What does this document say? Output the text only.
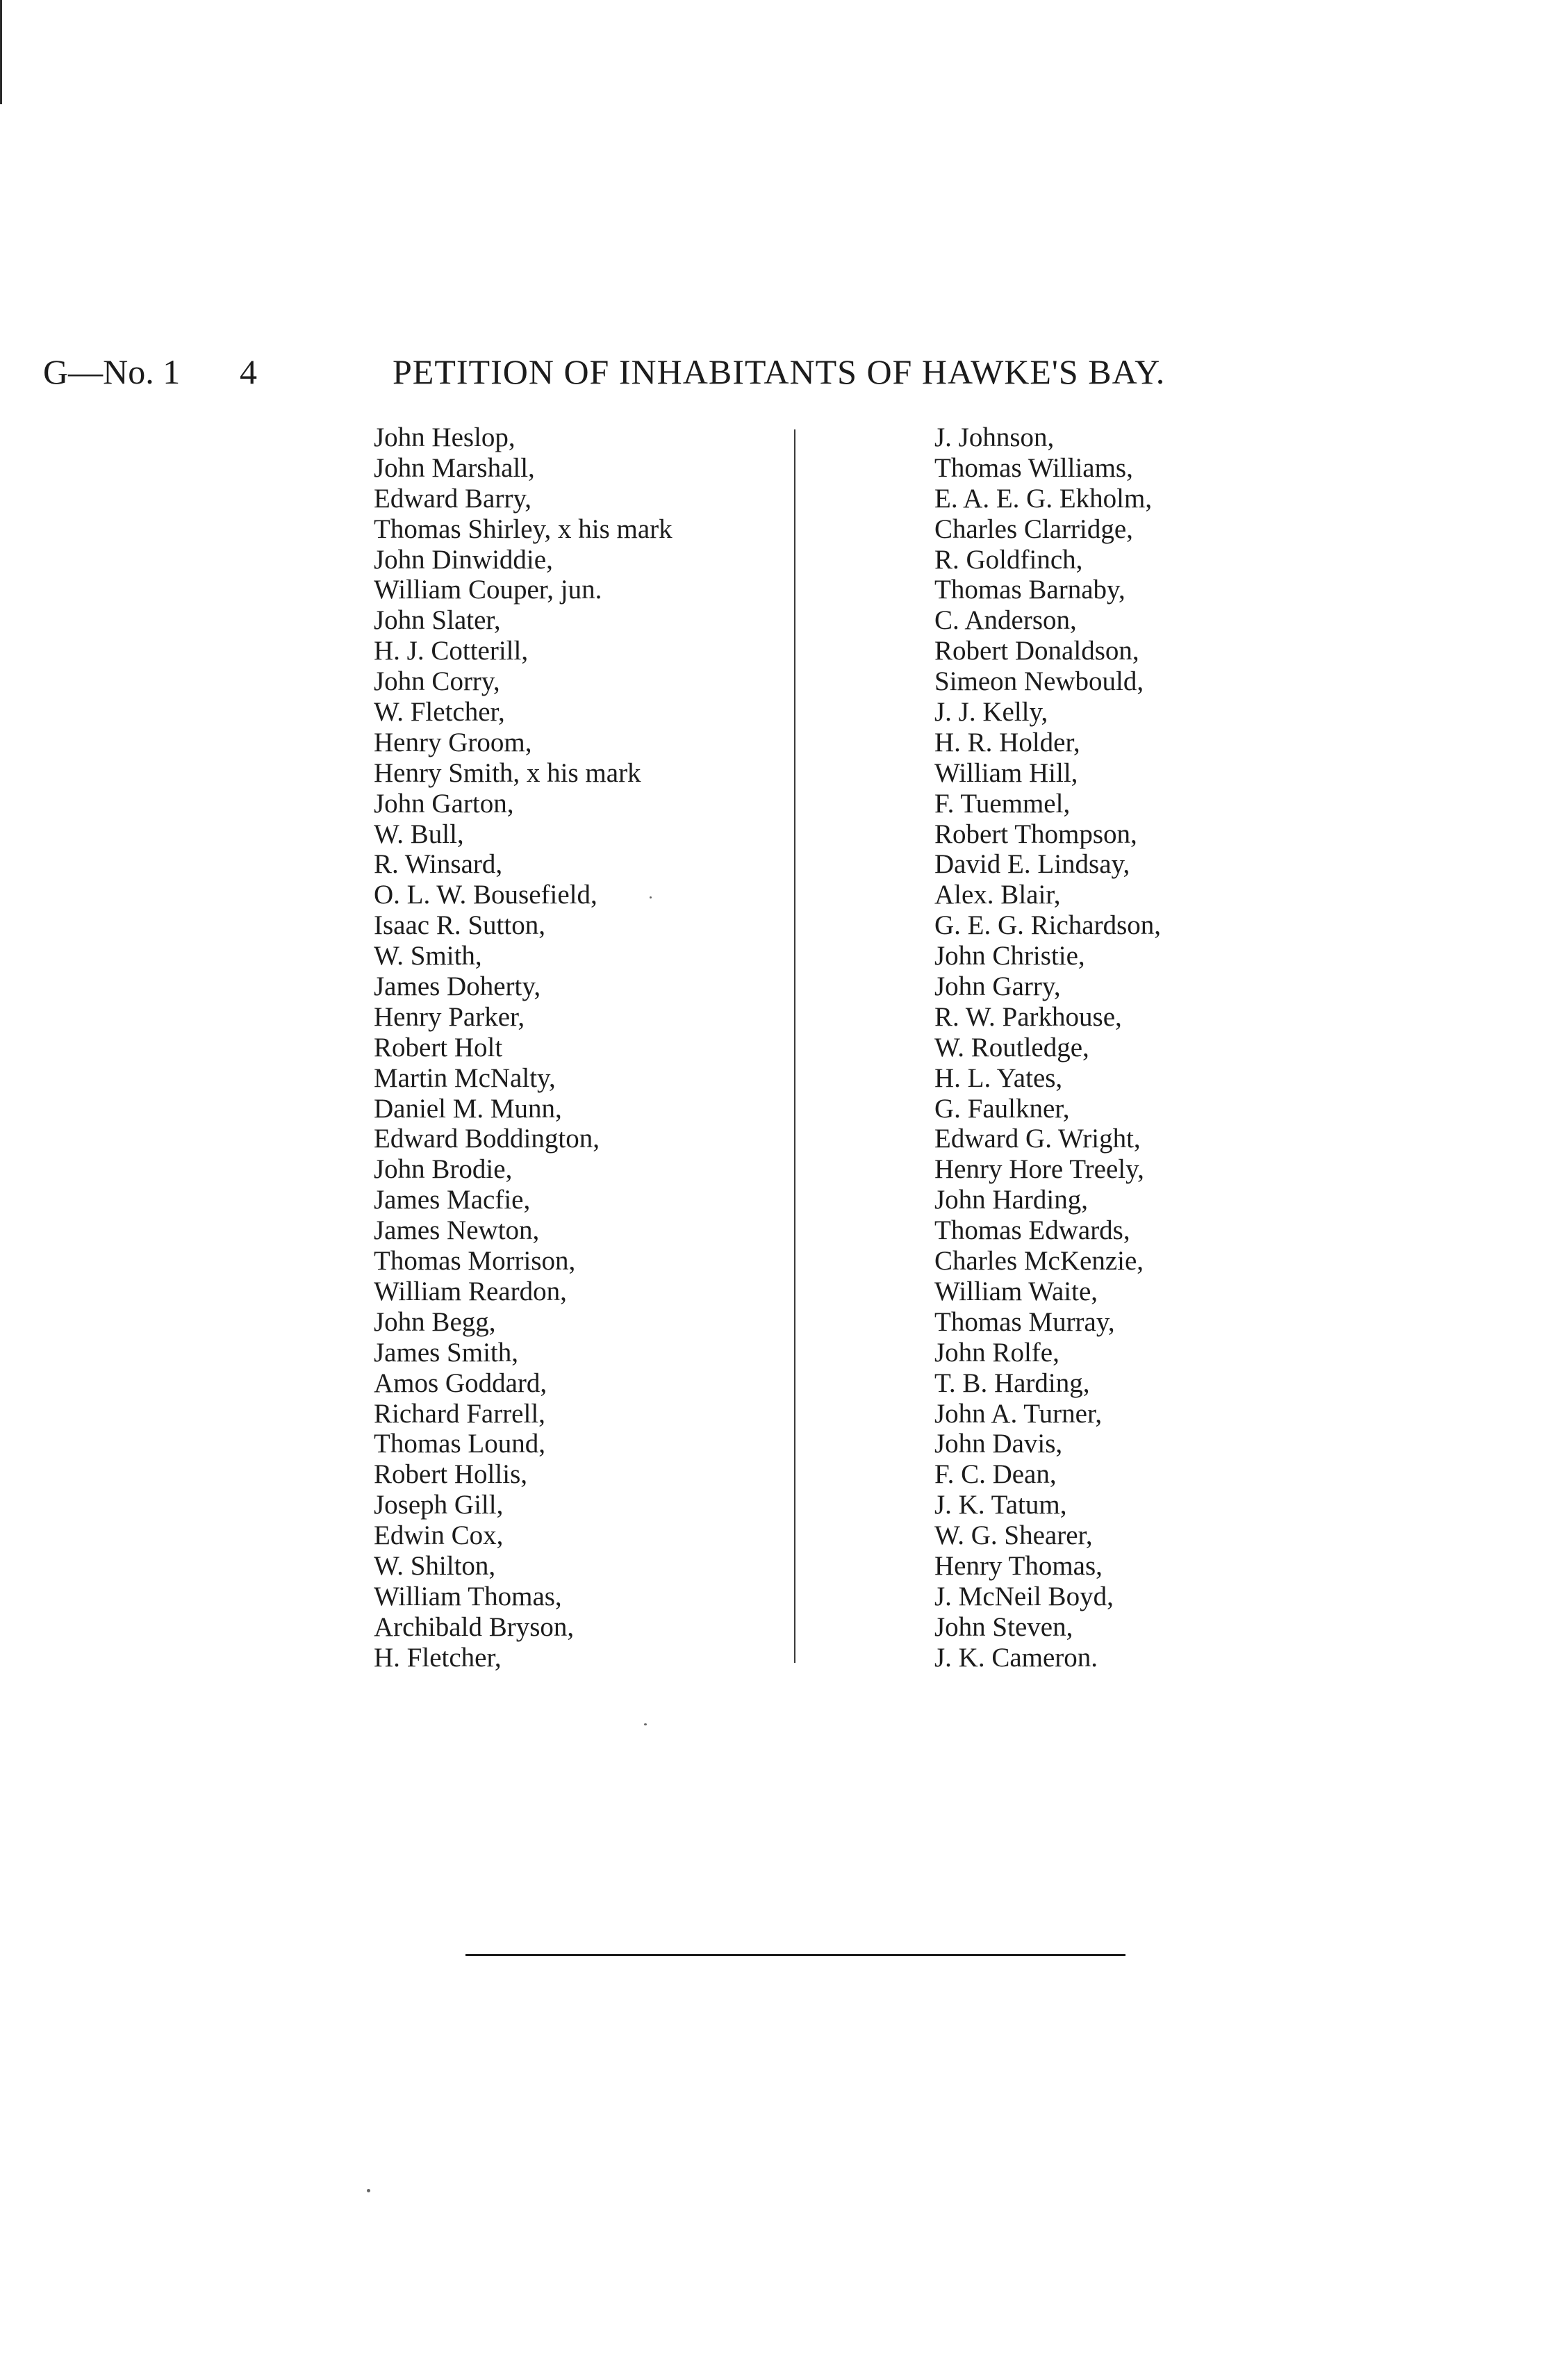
G—No. 1 4	PETITION OF INHABITANTS OF HAWKE'S BAY.
John Heslop,
John Marshall,
Edward Barry,
Thomas Shirley, x his mark
John Dinwiddie,
William Couper, jun.
John Slater,
H. J. Cotterill,
John Corry,
W. Fletcher,
Henry Groom,
Henry Smith, x his mark
John Garton,
W. Bull,
R. Winsard,
O. L. W. Bousefield,
Isaac R. Sutton,
W. Smith,
James Doherty,
Henry Parker,
Robert Holt
Martin McNalty,
Daniel M. Munn,
Edward Boddington,
John Brodie,
James Macfie,
James Newton,
Thomas Morrison,
William Reardon,
John Begg,
James Smith,
Amos Goddard,
Richard Farrell,
Thomas Lound,
Robert Hollis,
Joseph Gill,
Edwin Cox,
W. Shilton,
William Thomas,
Archibald Bryson,
H. Fletcher,
J. Johnson,
Thomas Williams,
E. A. E. G. Ekholm,
Charles Clarridge,
R. Goldfinch,
Thomas Barnaby,
C. Anderson,
Robert Donaldson,
Simeon Newbould,
J. J. Kelly,
H. R. Holder,
William Hill,
F. Tuemmel,
Robert Thompson,
David E. Lindsay,
Alex. Blair,
G. E. G. Richardson,
John Christie,
John Garry,
R. W. Parkhouse,
W. Routledge,
H. L. Yates,
G. Faulkner,
Edward G. Wright,
Henry Hore Treely,
John Harding,
Thomas Edwards,
Charles McKenzie,
William Waite,
Thomas Murray,
John Rolfe,
T. B. Harding,
John A. Turner,
John Davis,
F. C. Dean,
J. K. Tatum,
W. G. Shearer,
Henry Thomas,
J. McNeil Boyd,
John Steven,
J. K. Cameron.
